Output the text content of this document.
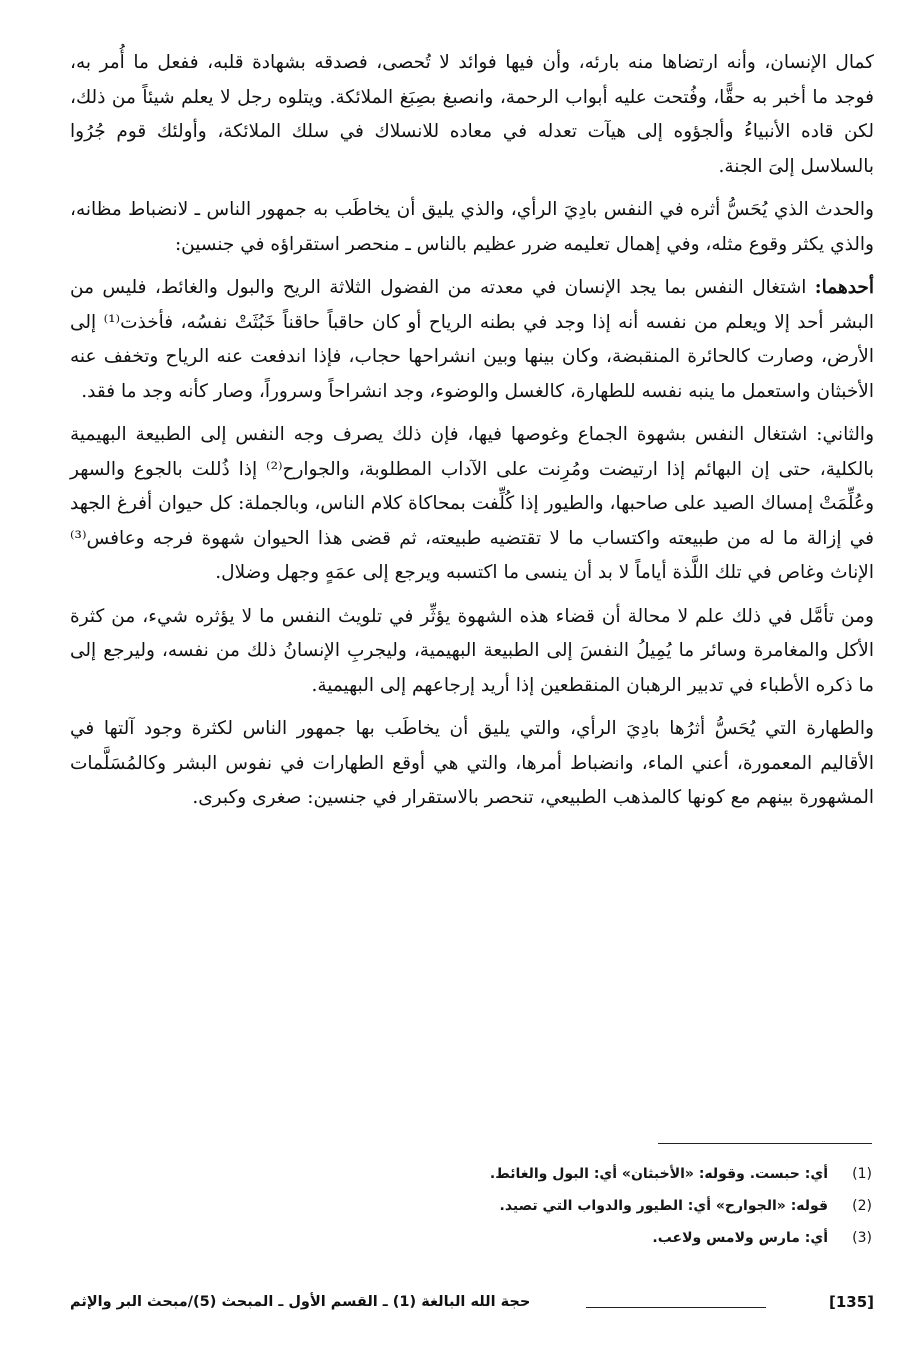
كمال الإنسان، وأنه ارتضاها منه بارئه، وأن فيها فوائد لا تُحصى، فصدقه بشهادة قلبه، ففعل ما أُمر به، فوجد ما أخبر به حقًّا، وفُتحت عليه أبواب الرحمة، وانصبغ بصِبَغ الملائكة. ويتلوه رجل لا يعلم شيئاً من ذلك، لكن قاده الأنبياءُ وألجؤوه إلى هيآت تعدله في معاده للانسلاك في سلك الملائكة، وأولئك قوم جُرُوا بالسلاسل إلىَ الجنة.

والحدث الذي يُحَسُّ أثره في النفس بادِيَ الرأي، والذي يليق أن يخاطَب به جمهور الناس ـ لانضباط مظانه، والذي يكثر وقوع مثله، وفي إهمال تعليمه ضرر عظيم بالناس ـ منحصر استقراؤه في جنسين:

أحدهما: اشتغال النفس بما يجد الإنسان في معدته من الفضول الثلاثة الريح والبول والغائط، فليس من البشر أحد إلا ويعلم من نفسه أنه إذا وجد في بطنه الرياح أو كان حاقباً حاقناً خَبُثَتْ نفسُه، فأخذت⁽¹⁾ إلى الأرض، وصارت كالحائرة المنقبضة، وكان بينها وبين انشراحها حجاب، فإذا اندفعت عنه الرياح وتخفف عنه الأخبثان واستعمل ما ينبه نفسه للطهارة، كالغسل والوضوء، وجد انشراحاً وسروراً، وصار كأنه وجد ما فقد.

والثاني: اشتغال النفس بشهوة الجماع وغوصها فيها، فإن ذلك يصرف وجه النفس إلى الطبيعة البهيمية بالكلية، حتى إن البهائم إذا ارتيضت ومُرِنت على الآداب المطلوبة، والجوارح⁽²⁾ إذا ذُللت بالجوع والسهر وعُلِّمَتْ إمساك الصيد على صاحبها، والطيور إذا كُلِّفت بمحاكاة كلام الناس، وبالجملة: كل حيوان أفرغ الجهد في إزالة ما له من طبيعته واكتساب ما لا تقتضيه طبيعته، ثم قضى هذا الحيوان شهوة فرجه وعافس⁽³⁾ الإناث وغاص في تلك اللَّذة أياماً لا بد أن ينسى ما اكتسبه ويرجع إلى عمَهٍ وجهل وضلال.

ومن تأمَّل في ذلك علم لا محالة أن قضاء هذه الشهوة يؤثِّر في تلويث النفس ما لا يؤثره شيء، من كثرة الأكل والمغامرة وسائر ما يُمِيلُ النفسَ إلى الطبيعة البهيمية، وليجربِ الإنسانُ ذلك من نفسه، وليرجع إلى ما ذكره الأطباء في تدبير الرهبان المنقطعين إذا أريد إرجاعهم إلى البهيمية.

والطهارة التي يُحَسُّ أثرُها بادِيَ الرأي، والتي يليق أن يخاطَب بها جمهور الناس لكثرة وجود آلتها في الأقاليم المعمورة، أعني الماء، وانضباط أمرها، والتي هي أوقع الطهارات في نفوس البشر وكالمُسَلَّمات المشهورة بينهم مع كونها كالمذهب الطبيعي، تنحصر بالاستقرار في جنسين: صغرى وكبرى.

(1)
أي: حبست. وقوله: «الأخبثان» أي: البول والغائط.
(2)
قوله: «الجوارح» أي: الطيور والدواب التي تصيد.
(3)
أي: مارس ولامس ولاعب.
حجة الله البالغة (1) ـ القسم الأول ـ المبحث (5)/مبحث البر والإثم	[135]
